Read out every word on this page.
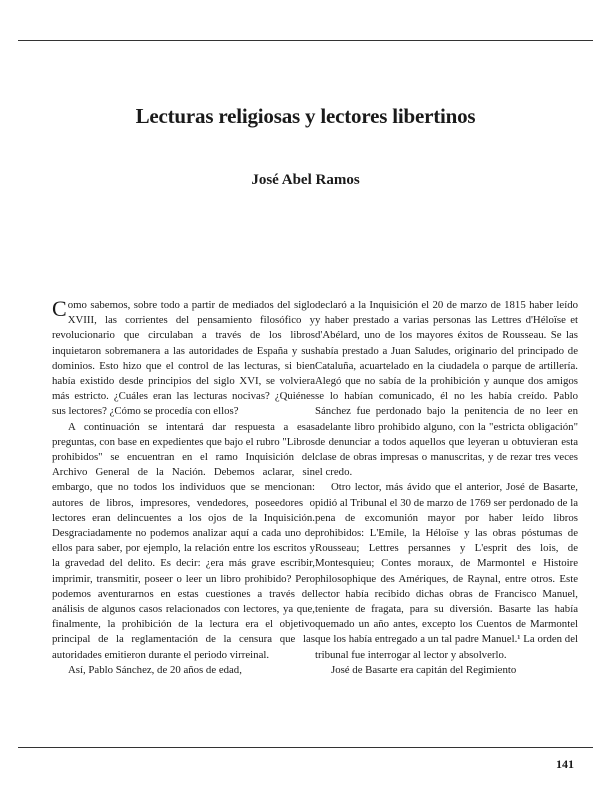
Lecturas religiosas y lectores libertinos
José Abel Ramos

Como sabemos, sobre todo a partir de mediados del siglo XVIII, las corrientes del pensamiento filosófico y revolucionario que circulaban a través de los libros inquietaron sobremanera a las autoridades de España y sus dominios. Esto hizo que el control de las lecturas, si bien había existido desde principios del siglo XVI, se volviera más estricto. ¿Cuáles eran las lecturas nocivas? ¿Quiénes sus lectores? ¿Cómo se procedía con ellos?

A continuación se intentará dar respuesta a esas preguntas, con base en expedientes que bajo el rubro "Libros prohibidos" se encuentran en el ramo Inquisición del Archivo General de la Nación. Debemos aclarar, sin embargo, que no todos los individuos que se mencionan: autores de libros, impresores, vendedores, poseedores o lectores eran delincuentes a los ojos de la Inquisición. Desgraciadamente no podemos analizar aquí a cada uno de ellos para saber, por ejemplo, la relación entre los escritos y la gravedad del delito. Es decir: ¿era más grave escribir, imprimir, transmitir, poseer o leer un libro prohibido? Pero podemos aventurarnos en estas cuestiones a través del análisis de algunos casos relacionados con lectores, ya que, finalmente, la prohibición de la lectura era el objetivo principal de la reglamentación de la censura que las autoridades emitieron durante el periodo virreinal.

Así, Pablo Sánchez, de 20 años de edad,

declaró a la Inquisición el 20 de marzo de 1815 haber leído y haber prestado a varias personas las Lettres d'Héloïse et d'Abélard, uno de los mayores éxitos de Rousseau. Se las había prestado a Juan Saludes, originario del principado de Cataluña, acuartelado en la ciudadela o parque de artillería. Alegó que no sabía de la prohibición y aunque dos amigos se lo habían comunicado, él no les había creído. Pablo Sánchez fue perdonado bajo la penitencia de no leer en adelante libro prohibido alguno, con la "estricta obligación" de denunciar a todos aquellos que leyeran u obtuvieran esta clase de obras impresas o manuscritas, y de rezar tres veces el credo.

Otro lector, más ávido que el anterior, José de Basarte, pidió al Tribunal el 30 de marzo de 1769 ser perdonado de la pena de excomunión mayor por haber leído libros prohibidos: L'Emile, la Héloïse y las obras póstumas de Rousseau; Lettres persannes y L'esprit des lois, de Montesquieu; Contes moraux, de Marmontel e Histoire philosophique des Amériques, de Raynal, entre otros. Este lector había recibido dichas obras de Francisco Manuel, teniente de fragata, para su diversión. Basarte las había quemado un año antes, excepto los Cuentos de Marmontel que los había entregado a un tal padre Manuel.¹ La orden del tribunal fue interrogar al lector y absolverlo.

José de Basarte era capitán del Regimiento

141
